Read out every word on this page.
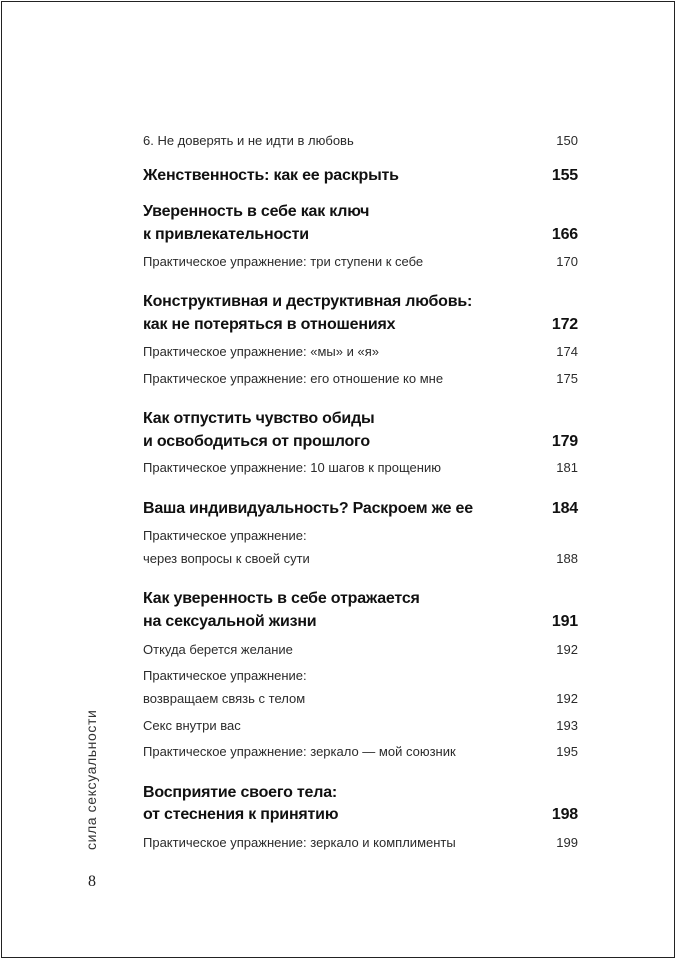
6. Не доверять и не идти в любовь	150
Женственность: как ее раскрыть	155
Уверенность в себе как ключ
к привлекательности	166
Практическое упражнение: три ступени к себе	170
Конструктивная и деструктивная любовь:
как не потеряться в отношениях	172
Практическое упражнение: «мы» и «я»	174
Практическое упражнение: его отношение ко мне	175
Как отпустить чувство обиды
и освободиться от прошлого	179
Практическое упражнение: 10 шагов к прощению	181
Ваша индивидуальность? Раскроем же ее	184
Практическое упражнение:
через вопросы к своей сути	188
Как уверенность в себе отражается
на сексуальной жизни	191
Откуда берется желание	192
Практическое упражнение:
возвращаем связь с телом	192
Секс внутри вас	193
Практическое упражнение: зеркало — мой союзник	195
Восприятие своего тела:
от стеснения к принятию	198
Практическое упражнение: зеркало и комплименты	199
сила сексуальности
8
